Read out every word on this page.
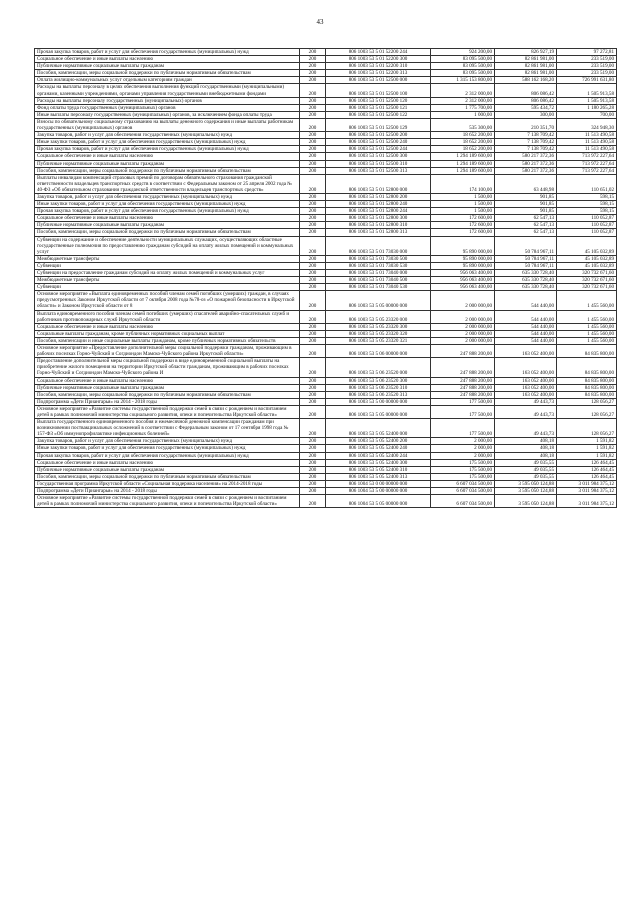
43
Прочая закупка товаров, работ и услуг для обеспечения государственных (муниципальных) нужд	200	806 1003 53 5 01 52200 244	924 200,00	826 927,19	97 272,81
Социальное обеспечение и иные выплаты населению	200	806 1003 53 5 01 52200 300	83 095 500,00	82 861 981,00	233 519,00
Публичные нормативные социальные выплаты гражданам	200	806 1003 53 5 01 52200 310	83 095 500,00	82 861 981,00	233 519,00
Пособия, компенсации, меры социальной поддержки по публичным нормативным обязательствам	200	806 1003 53 5 01 52200 313	83 095 500,00	82 861 981,00	233 519,00
Оплата жилищно-коммунальных услуг отдельным категориям граждан	200	806 1003 53 5 01 52500 000	1 315 153 800,00	588 162 168,20	726 991 631,80
Расходы на выплаты персоналу в целях обеспечения выполнения функций государственными (муниципальными) органами, казенными учреждениями, органами управления государственными внебюджетными фондами	200	806 1003 53 5 01 52500 100	2 312 000,00	806 086,42	1 505 913,58
Расходы на выплаты персоналу государственных (муниципальных) органов	200	806 1003 53 5 01 52500 120	2 312 000,00	806 086,42	1 505 913,58
Фонд оплаты труда государственных (муниципальных) органов	200	806 1003 53 5 01 52500 121	1 775 700,00	595 434,72	1 180 265,28
Иные выплаты персоналу государственных (муниципальных) органов, за исключением фонда оплаты труда	200	806 1003 53 5 01 52500 122	1 000,00	300,00	700,00
Взносы по обязательному социальному страхованию на выплаты денежного содержания и иные выплаты работникам государственных (муниципальных) органов	200	806 1003 53 5 01 52500 129	535 300,00	210 351,70	324 948,30
Закупка товаров, работ и услуг для обеспечения государственных (муниципальных) нужд	200	806 1003 53 5 01 52500 200	18 652 200,00	7 138 709,42	11 513 490,58
Иные закупки товаров, работ и услуг для обеспечения государственных (муниципальных) нужд	200	806 1003 53 5 01 52500 240	18 652 200,00	7 138 709,42	11 513 490,58
Прочая закупка товаров, работ и услуг для обеспечения государственных (муниципальных) нужд	200	806 1003 53 5 01 52500 244	18 652 200,00	7 138 709,42	11 513 490,58
Социальное обеспечение и иные выплаты населению	200	806 1003 53 5 01 52500 300	1 294 189 600,00	580 217 372,36	713 972 227,64
Публичные нормативные социальные выплаты гражданам	200	806 1003 53 5 01 52500 310	1 294 189 600,00	580 217 372,36	713 972 227,64
Пособия, компенсации, меры социальной поддержки по публичным нормативным обязательствам	200	806 1003 53 5 01 52500 313	1 294 189 600,00	580 217 372,36	713 972 227,64
Выплаты инвалидам компенсаций страховых премий по договорам обязательного страхования гражданской ответственности владельцев транспортных средств в соответствии с Федеральным законом от 25 апреля 2002 года № 40-ФЗ «Об обязательном страховании гражданской ответственности владельцев транспортных средств»	200	806 1003 53 5 01 52800 000	174 100,00	63 448,98	110 651,02
Закупка товаров, работ и услуг для обеспечения государственных (муниципальных) нужд	200	806 1003 53 5 01 52800 200	1 500,00	901,85	598,15
Иные закупки товаров, работ и услуг для обеспечения государственных (муниципальных) нужд	200	806 1003 53 5 01 52800 240	1 500,00	901,85	598,15
Прочая закупка товаров, работ и услуг для обеспечения государственных (муниципальных) нужд	200	806 1003 53 5 01 52800 244	1 500,00	901,85	598,15
Социальное обеспечение и иные выплаты населению	200	806 1003 53 5 01 52800 300	172 600,00	62 547,13	110 052,87
Публичные нормативные социальные выплаты гражданам	200	806 1003 53 5 01 52800 310	172 600,00	62 547,13	110 052,87
Пособия, компенсации, меры социальной поддержки по публичным нормативным обязательствам	200	806 1003 53 5 01 52800 313	172 600,00	62 547,13	110 052,87
Субвенции на содержание и обеспечение деятельности муниципальных служащих, осуществляющих областные государственные полномочия по предоставлению гражданам субсидий на оплату жилых помещений и коммунальных услуг	200	806 1003 53 5 01 73030 000	95 890 000,00	50 784 967,11	45 105 032,89
Межбюджетные трансферты	200	806 1003 53 5 01 73030 500	95 890 000,00	50 784 967,11	45 105 032,89
Субвенции	200	806 1003 53 5 01 73030 530	95 890 000,00	50 784 967,11	45 105 032,89
Субвенции на предоставление гражданам субсидий на оплату жилых помещений и коммунальных услуг	200	806 1003 53 5 01 73040 000	956 063 400,00	635 330 728,40	320 732 671,60
Межбюджетные трансферты	200	806 1003 53 5 01 73040 500	956 063 400,00	635 330 728,40	320 732 671,60
Субвенции	200	806 1003 53 5 01 73040 530	956 063 400,00	635 330 728,40	320 732 671,60
Основное мероприятие «Выплата единовременных пособий членам семей погибших (умерших) граждан, в случаях предусмотренных Законом Иркутской области от 7 октября 2008 года №78-оз «О пожарной безопасности в Иркутской области» и Законом Иркутской области от 8	200	806 1003 53 5 05 00000 000	2 000 000,00	544 440,00	1 455 560,00
Выплата единовременного пособия членам семей погибших (умерших) спасателей аварийно-спасательных служб и работников противопожарных служб Иркутской области	200	806 1003 53 5 05 23320 000	2 000 000,00	544 440,00	1 455 560,00
Социальное обеспечение и иные выплаты населению	200	806 1003 53 5 05 23320 300	2 000 000,00	544 440,00	1 455 560,00
Социальные выплаты гражданам, кроме публичных нормативных социальных выплат	200	806 1003 53 5 05 23320 320	2 000 000,00	544 440,00	1 455 560,00
Пособия, компенсации и иные социальные выплаты гражданам, кроме публичных нормативных обязательств	200	806 1003 53 5 05 23320 321	2 000 000,00	544 440,00	1 455 560,00
Основное мероприятие «Предоставление дополнительной меры социальной поддержки гражданам, проживающим в рабочих поселках Горно-Чуйский и Согдиондон Мамско-Чуйского района Иркутской области»	200	806 1003 53 5 06 00000 000	247 888 200,00	163 052 400,00	84 835 800,00
Предоставление дополнительной меры социальной поддержки в виде единовременной социальной выплаты на приобретение жилого помещения на территории Иркутской области гражданам, проживающим в рабочих поселках Горно-Чуйский и Согдиондон Мамско-Чуйского района И	200	806 1003 53 5 06 23520 000	247 888 200,00	163 052 400,00	84 835 800,00
Социальное обеспечение и иные выплаты населению	200	806 1003 53 5 06 23520 300	247 888 200,00	163 052 400,00	84 835 800,00
Публичные нормативные социальные выплаты гражданам	200	806 1003 53 5 06 23520 310	247 888 200,00	163 052 400,00	84 835 800,00
Пособия, компенсации, меры социальной поддержки по публичным нормативным обязательствам	200	806 1003 53 5 06 23520 313	247 888 200,00	163 052 400,00	84 835 800,00
Подпрограмма «Дети Приангарья» на 2014 - 2018 годы	200	806 1003 53 5 00 00000 000	177 500,00	49 443,73	128 056,27
Основное мероприятие «Развитие системы государственной поддержки семей в связи с рождением и воспитанием детей в рамках полномочий министерства социального развития, опеки и попечительства Иркутской области»	200	806 1003 53 5 05 00000 000	177 500,00	49 443,73	128 056,27
Выплата государственного единовременного пособия и ежемесячной денежной компенсации гражданам при возникновении поствакцинальных осложнений в соответствии с Федеральным законом от 17 сентября 1998 года № 157-ФЗ «Об иммунопрофилактике инфекционных болезней»	200	806 1003 53 5 05 52400 000	177 500,00	49 443,73	128 056,27
Закупка товаров, работ и услуг для обеспечения государственных (муниципальных) нужд	200	806 1003 53 5 05 52400 200	2 000,00	408,18	1 591,82
Иные закупки товаров, работ и услуг для обеспечения государственных (муниципальных) нужд	200	806 1003 53 5 05 52400 240	2 000,00	408,18	1 591,82
Прочая закупка товаров, работ и услуг для обеспечения государственных (муниципальных) нужд	200	806 1003 53 5 05 52400 244	2 000,00	408,18	1 591,82
Социальное обеспечение и иные выплаты населению	200	806 1003 53 5 05 52400 300	175 500,00	49 035,55	126 464,45
Публичные нормативные социальные выплаты гражданам	200	806 1003 53 5 05 52400 310	175 500,00	49 035,55	126 464,45
Пособия, компенсации, меры социальной поддержки по публичным нормативным обязательствам	200	806 1003 53 5 05 52400 313	175 500,00	49 035,55	126 464,45
Государственная программа Иркутской области «Социальная поддержка населения» на 2014-2018 годы	200	806 1004 53 0 00 00000 000	6 607 034 500,00	3 595 050 124,88	3 011 984 375,12
Подпрограмма «Дети Приангарья» на 2014 - 2018 годы	200	806 1004 53 5 00 00000 000	6 607 034 500,00	3 595 050 124,88	3 011 984 375,12
Основное мероприятие «Развитие системы государственной поддержки семей в связи с рождением и воспитанием детей в рамках полномочий министерства социального развития, опеки и попечительства Иркутской области»	200	806 1004 53 5 05 00000 000	6 607 034 500,00	3 595 050 124,88	3 011 984 375,12
